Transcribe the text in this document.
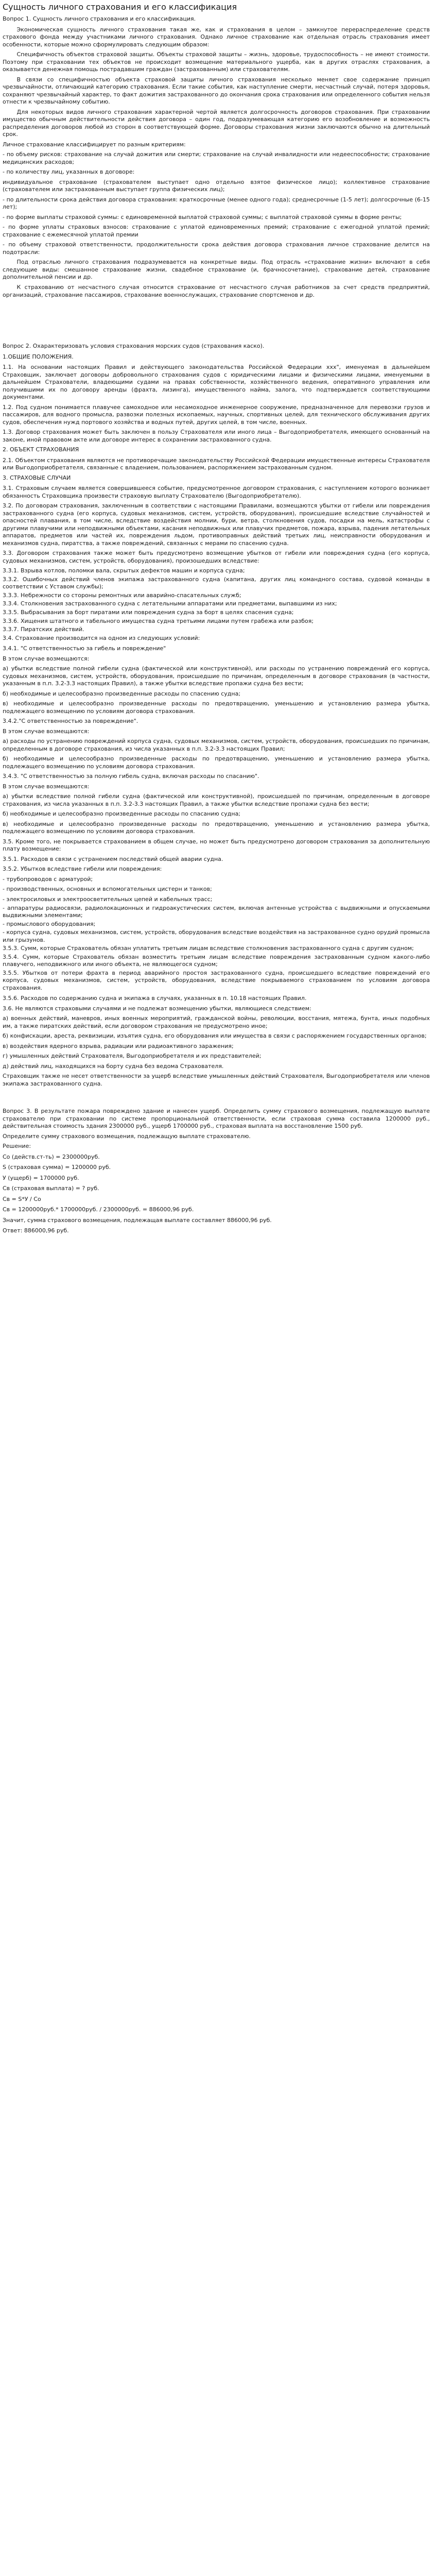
Сущность личного страхования и его классификация
Вопрос 1. Сущность личного страхования и его классификация.
Экономическая сущность личного страхования такая же, как и страхования в целом – замкнутое перераспределение средств страхового фонда между участниками личного страхования. Однако личное страхование как отдельная отрасль страхования имеет особенности, которые можно сформулировать следующим образом:
Специфичность объектов страховой защиты. Объекты страховой защиты – жизнь, здоровье, трудоспособность – не имеют стоимости. Поэтому при страховании тех объектов не происходит возмещение материального ущерба, как в других отраслях страхования, а оказывается денежная помощь пострадавшим граждан (застрахованным) или страхователям.
В связи со специфичностью объекта страховой защиты личного страхования несколько меняет свое содержание принцип чрезвычайности, отличающий категорию страхования. Если такие события, как наступление смерти, несчастный случай, потеря здоровья, сохраняют чрезвычайный характер, то факт дожития застрахованного до окончания срока страхования или определенного события нельзя отнести к чрезвычайному событию.
Для некоторых видов личного страхования характерной чертой является долгосрочность договоров страхования. При страховании имущество обычным действительности действия договора – один год, подразумевающая категорию его возобновление и возможность распределения договоров любой из сторон в соответствующей форме. Договоры страхования жизни заключаются обычно на длительный срок.
Личное страхование классифицирует по разным критериям:
- по объему рисков: страхование на случай дожития или смерти; страхование на случай инвалидности или недееспособности; страхование медицинских расходов;
- по количеству лиц, указанных в договоре:
индивидуальное страхование (страхователем выступает одно отдельно взятое физическое лицо); коллективное страхование (страхователем или застрахованным выступает группа физических лиц);
- по длительности срока действия договора страхования: краткосрочные (менее одного года); среднесрочные (1-5 лет); долгосрочные (6-15 лет);
- по форме выплаты страховой суммы: с единовременной выплатой страховой суммы; с выплатой страховой суммы в форме ренты;
- по форме уплаты страховых взносов: страхование с уплатой единовременных премий; страхование с ежегодной уплатой премий; страхование с ежемесячной уплатой премии
- по объему страховой ответственности, продолжительности срока действия договора страхования личное страхование делится на подотрасли:
Под отраслью личного страхования подразумевается на конкретные виды. Под отрасль «страхование жизни» включают в себя следующие виды: смешанное страхование жизни, свадебное страхование (и, брачносочетание), страхование детей, страхование дополнительной пенсии и др.
К страхованию от несчастного случая относится страхование от несчастного случая работников за счет средств предприятий, организаций, страхование пассажиров, страхование военнослужащих, страхование спортсменов и др.
Вопрос 2. Охарактеризовать условия страхования морских судов (страхования каско).
1.ОБЩИЕ ПОЛОЖЕНИЯ.
1.1. На основании настоящих Правил и действующего законодательства Российской Федерации ххх", именуемая в дальнейшем Страховщик, заключает договоры добровольного страхования судов с юридическими лицами и физическими лицами, именуемыми в дальнейшем Страхователи, владеющими судами на правах собственности, хозяйственного ведения, оперативного управления или получившими их по договору аренды (фрахта, лизинга), имущественного найма, залога, что подтверждается соответствующими документами.
1.2. Под судном понимается плавучее самоходное или несамоходное инженерное сооружение, предназначенное для перевозки грузов и пассажиров, для водного промысла, развозки полезных ископаемых, научных, спортивных целей, для технического обслуживания других судов, обеспечения нужд портового хозяйства и водных путей, других целей, в том числе, военных.
1.3. Договор страхования может быть заключен в пользу Страхователя или иного лица – Выгодоприобретателя, имеющего основанный на законе, иной правовом акте или договоре интерес в сохранении застрахованного судна.
2. ОБЪЕКТ СТРАХОВАНИЯ
2.1. Объектом страхования являются не противоречащие законодательству Российской Федерации имущественные интересы Страхователя или Выгодоприобретателя, связанные с владением, пользованием, распоряжением застрахованным судном.
3. СТРАХОВЫЕ СЛУЧАИ
3.1. Страховым случаем является совершившееся событие, предусмотренное договором страхования, с наступлением которого возникает обязанность Страховщика произвести страховую выплату Страхователю (Выгодоприобретателю).
3.2. По договорам страхования, заключенным в соответствии с настоящими Правилами, возмещаются убытки от гибели или повреждения застрахованного судна (его корпуса, судовых механизмов, систем, устройств, оборудования), происшедшие вследствие случайностей и опасностей плавания, в том числе, вследствие воздействия молнии, бури, ветра, столкновения судов, посадки на мель, катастрофы с другими плавучими или неподвижными объектами, касания неподвижных или плавучих предметов, пожара, взрыва, падения летательных аппаратов, предметов или частей их, повреждения льдом, противоправных действий третьих лиц, неисправности оборудования и механизмов судна, пиратства, а также повреждений, связанных с мерами по спасению судна.
3.3. Договором страхования также может быть предусмотрено возмещение убытков от гибели или повреждения судна (его корпуса, судовых механизмов, систем, устройств, оборудования), произошедших вследствие:
3.3.1. Взрыва котлов, поломки вала, скрытых дефектов машин и корпуса судна;
3.3.2. Ошибочных действий членов экипажа застрахованного судна (капитана, других лиц командного состава, судовой команды в соответствии с Уставом службы);
3.3.3. Небрежности со стороны ремонтных или аварийно-спасательных служб;
3.3.4. Столкновения застрахованного судна с летательными аппаратами или предметами, выпавшими из них;
3.3.5. Выбрасывания за борт пиратами или повреждения судна за борт в целях спасения судна;
3.3.6. Хищения штатного и табельного имущества судна третьими лицами путем грабежа или разбоя;
3.3.7. Пиратских действий.
3.4. Страхование производится на одном из следующих условий:
3.4.1. "С ответственностью за гибель и повреждение"
В этом случае возмещаются:
а) убытки вследствие полной гибели судна (фактической или конструктивной), или расходы по устранению повреждений его корпуса, судовых механизмов, систем, устройств, оборудования, происшедшие по причинам, определенным в договоре страхования (в частности, указанным в п.п. 3.2-3.3 настоящих Правил), а также убытки вследствие пропажи судна без вести;
б) необходимые и целесообразно произведенные расходы по спасению судна;
в) необходимые и целесообразно произведенные расходы по предотвращению, уменьшению и установлению размера убытка, подлежащего возмещению по условиям договора страхования.
3.4.2."С ответственностью за повреждение".
В этом случае возмещаются:
а) расходы по устранению повреждений корпуса судна, судовых механизмов, систем, устройств, оборудования, происшедших по причинам, определенным в договоре страхования, из числа указанных в п.п. 3.2-3.3 настоящих Правил;
б) необходимые и целесообразно произведенные расходы по предотвращению, уменьшению и установлению размера убытка, подлежащего возмещению по условиям договора страхования.
3.4.3. "С ответственностью за полную гибель судна, включая расходы по спасанию".
В этом случае возмещаются:
а) убытки вследствие полной гибели судна (фактической или конструктивной), происшедшей по причинам, определенным в договоре страхования, из числа указанных в п.п. 3.2-3.3 настоящих Правил, а также убытки вследствие пропажи судна без вести;
б) необходимые и целесообразно произведенные расходы по спасанию судна;
в) необходимые и целесообразно произведенные расходы по предотвращению, уменьшению и установлению размера убытка, подлежащего возмещению по условиям договора страхования.
3.5. Кроме того, не покрывается страхованием в общем случае, но может быть предусмотрено договором страхования за дополнительную плату возмещение:
3.5.1. Расходов в связи с устранением последствий общей аварии судна.
3.5.2. Убытков вследствие гибели или повреждения:
- трубопроводов с арматурой;
- производственных, основных и вспомогательных цистерн и танков;
- электросиловых и электроосветительных цепей и кабельных трасс;
- аппаратуры радиосвязи, радиолокационных и гидроакустических систем, включая антенные устройства с выдвижными и опускаемыми выдвижными элементами;
- промыслового оборудования;
- корпуса судна, судовых механизмов, систем, устройств, оборудования вследствие воздействия на застрахованное судно орудий промысла или грызунов.
3.5.3. Сумм, которые Страхователь обязан уплатить третьим лицам вследствие столкновения застрахованного судна с другим судном;
3.5.4. Сумм, которые Страхователь обязан возместить третьим лицам вследствие повреждения застрахованным судном какого-либо плавучего, неподвижного или иного объекта, не являющегося судном;
3.5.5. Убытков от потери фрахта в период аварийного простоя застрахованного судна, происшедшего вследствие повреждений его корпуса, судовых механизмов, систем, устройств, оборудования, вследствие покрываемого страхованием по условиям договора страхования.
3.5.6. Расходов по содержанию судна и экипажа в случаях, указанных в п. 10.18 настоящих Правил.
3.6. Не являются страховыми случаями и не подлежат возмещению убытки, являющиеся следствием:
а) военных действий, маневров, иных военных мероприятий, гражданской войны, революции, восстания, мятежа, бунта, иных подобных им, а также пиратских действий, если договором страхования не предусмотрено иное;
б) конфискации, ареста, реквизиции, изъятия судна, его оборудования или имущества в связи с распоряжением государственных органов;
в) воздействия ядерного взрыва, радиации или радиоактивного заражения;
г) умышленных действий Страхователя, Выгодоприобретателя и их представителей;
д) действий лиц, находящихся на борту судна без ведома Страхователя.
Страховщик также не несет ответственности за ущерб вследствие умышленных действий Страхователя, Выгодоприобретателя или членов экипажа застрахованного судна.
Вопрос 3. В результате пожара повреждено здание и нанесен ущерб. Определить сумму страхового возмещения, подлежащую выплате страхователю при страховании по системе пропорциональной ответственности, если страховая сумма составила 1200000 руб., действительная стоимость здания 2300000 руб., ущерб 1700000 руб., страховая выплата на восстановление 1500 руб.
Определите сумму страхового возмещения, подлежащую выплате страхователю.
Решение:
Со (действ.ст-ть) = 2300000руб.
S (страховая сумма) = 1200000 руб.
У (ущерб) = 1700000 руб.
Св (страховая выплата) = ? руб.
Св = S*У / Со
Св = 1200000руб.* 1700000руб. / 2300000руб. = 886000,96 руб.
Значит, сумма страхового возмещения, подлежащая выплате составляет 886000,96 руб.
Ответ: 886000,96 руб.
